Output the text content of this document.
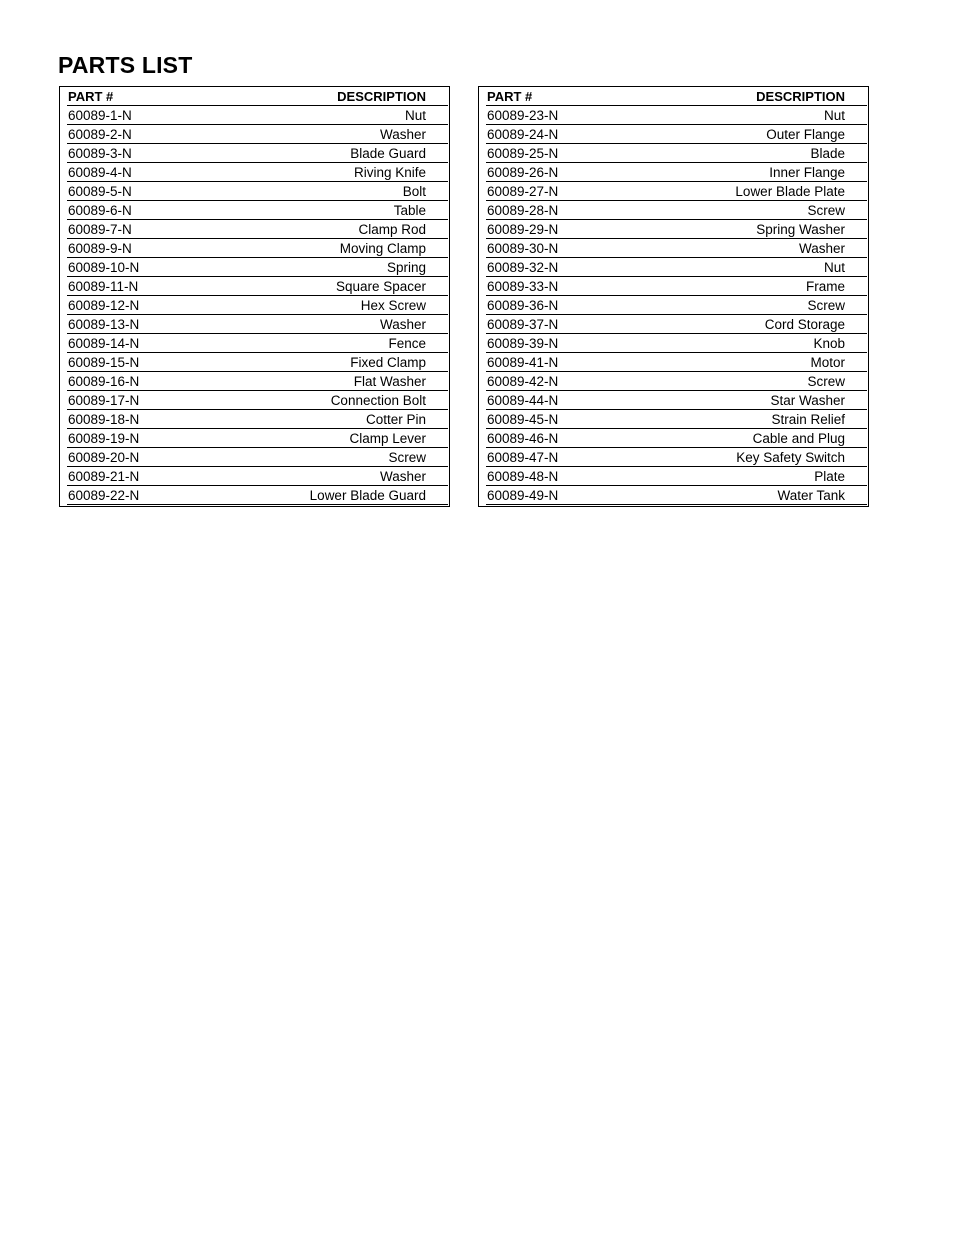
PARTS LIST
PART #	DESCRIPTION
60089-1-N	Nut
60089-2-N	Washer
60089-3-N	Blade Guard
60089-4-N	Riving Knife
60089-5-N	Bolt
60089-6-N	Table
60089-7-N	Clamp Rod
60089-9-N	Moving Clamp
60089-10-N	Spring
60089-11-N	Square Spacer
60089-12-N	Hex Screw
60089-13-N	Washer
60089-14-N	Fence
60089-15-N	Fixed Clamp
60089-16-N	Flat Washer
60089-17-N	Connection Bolt
60089-18-N	Cotter Pin
60089-19-N	Clamp Lever
60089-20-N	Screw
60089-21-N	Washer
60089-22-N	Lower Blade Guard
PART #	DESCRIPTION
60089-23-N	Nut
60089-24-N	Outer Flange
60089-25-N	Blade
60089-26-N	Inner Flange
60089-27-N	Lower Blade Plate
60089-28-N	Screw
60089-29-N	Spring Washer
60089-30-N	Washer
60089-32-N	Nut
60089-33-N	Frame
60089-36-N	Screw
60089-37-N	Cord Storage
60089-39-N	Knob
60089-41-N	Motor
60089-42-N	Screw
60089-44-N	Star Washer
60089-45-N	Strain Relief
60089-46-N	Cable and Plug
60089-47-N	Key Safety Switch
60089-48-N	Plate
60089-49-N	Water Tank
